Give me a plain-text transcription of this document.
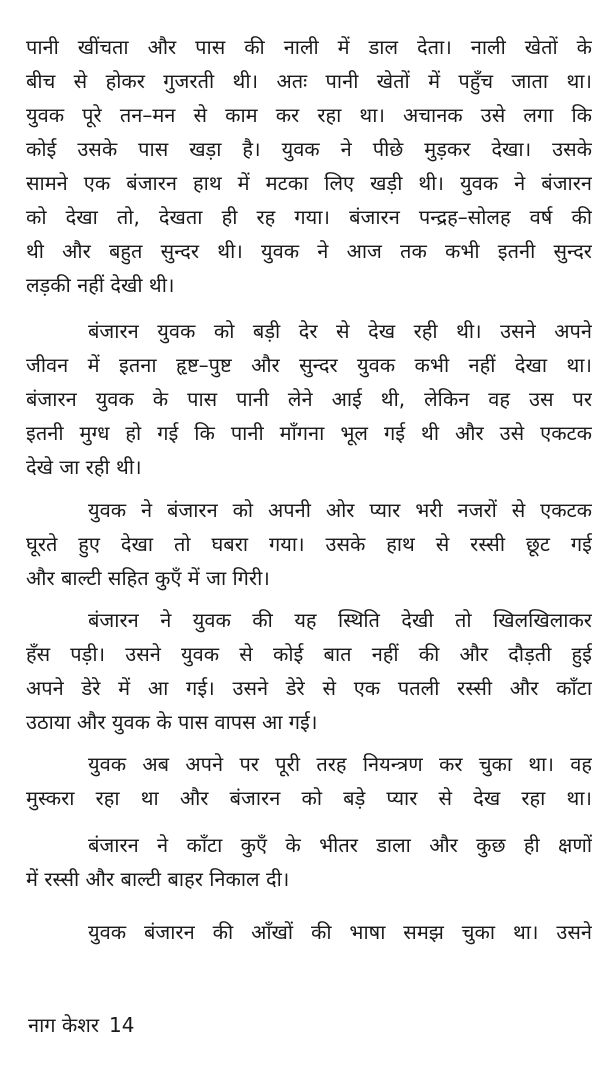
पानी खींचता और पास की नाली में डाल देता। नाली खेतों के
बीच से होकर गुजरती थी। अतः पानी खेतों में पहुँच जाता था।
युवक पूरे तन–मन से काम कर रहा था। अचानक उसे लगा कि
कोई उसके पास खड़ा है। युवक ने पीछे मुड़कर देखा। उसके
सामने एक बंजारन हाथ में मटका लिए खड़ी थी। युवक ने बंजारन
को देखा तो, देखता ही रह गया। बंजारन पन्द्रह–सोलह वर्ष की
थी और बहुत सुन्दर थी। युवक ने आज तक कभी इतनी सुन्दर
लड़की नहीं देखी थी।
बंजारन युवक को बड़ी देर से देख रही थी। उसने अपने
जीवन में इतना हृष्ट–पुष्ट और सुन्दर युवक कभी नहीं देखा था।
बंजारन युवक के पास पानी लेने आई थी, लेकिन वह उस पर
इतनी मुग्ध हो गई कि पानी माँगना भूल गई थी और उसे एकटक
देखे जा रही थी।
युवक ने बंजारन को अपनी ओर प्यार भरी नजरों से एकटक
घूरते हुए देखा तो घबरा गया। उसके हाथ से रस्सी छूट गई
और बाल्टी सहित कुएँ में जा गिरी।
बंजारन ने युवक की यह स्थिति देखी तो खिलखिलाकर
हँस पड़ी। उसने युवक से कोई बात नहीं की और दौड़ती हुई
अपने डेरे में आ गई। उसने डेरे से एक पतली रस्सी और काँटा
उठाया और युवक के पास वापस आ गई।
युवक अब अपने पर पूरी तरह नियन्त्रण कर चुका था। वह
मुस्करा रहा था और बंजारन को बड़े प्यार से देख रहा था।
बंजारन ने काँटा कुएँ के भीतर डाला और कुछ ही क्षणों
में रस्सी और बाल्टी बाहर निकाल दी।
युवक बंजारन की आँखों की भाषा समझ चुका था। उसने
नाग केशर 14
